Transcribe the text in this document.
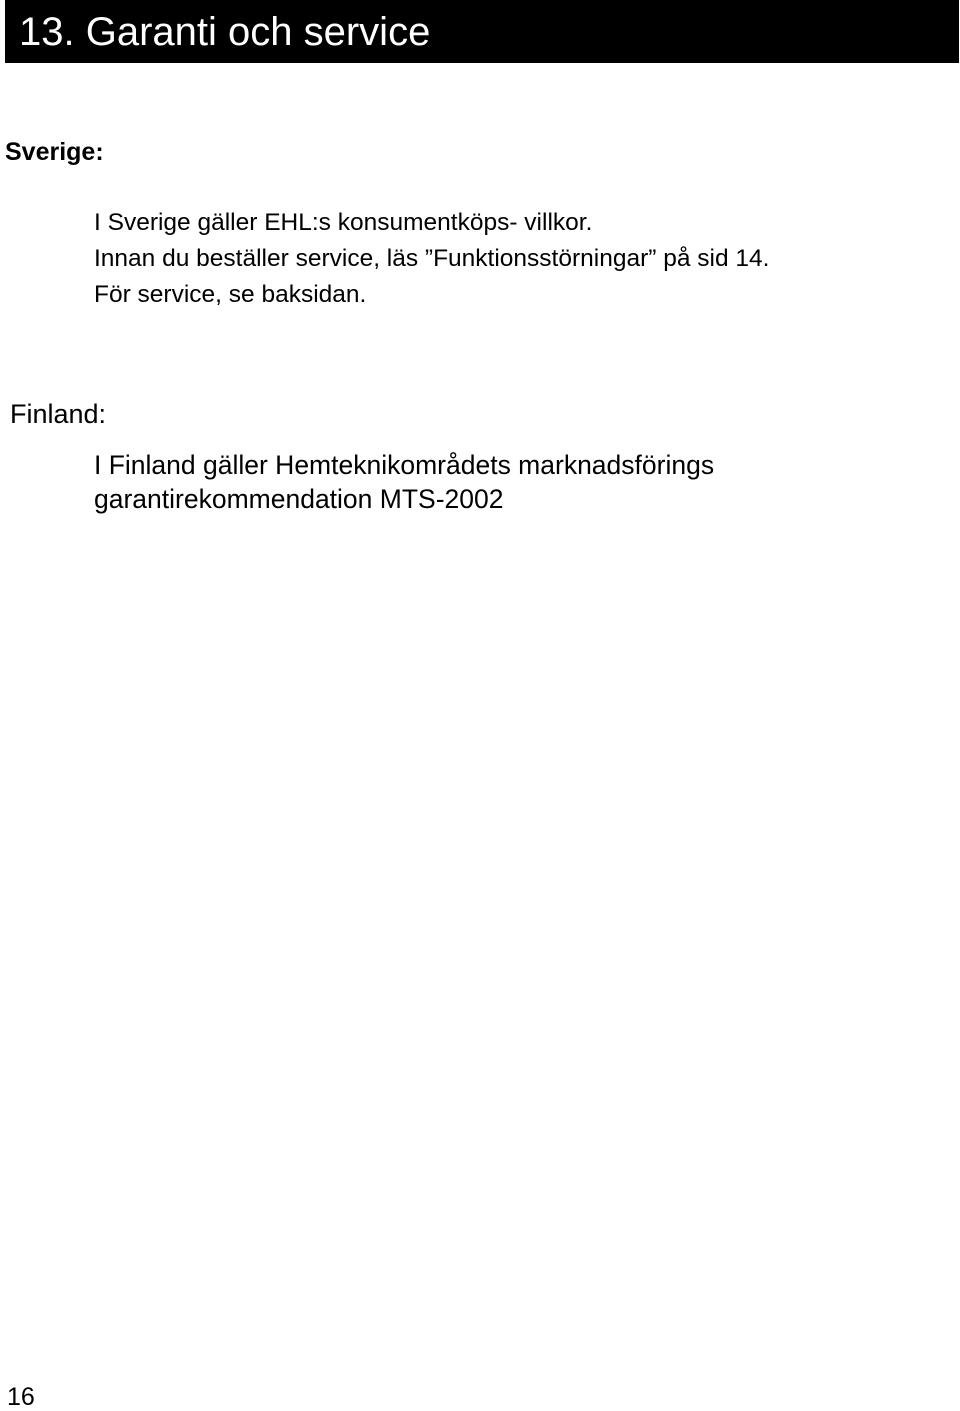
13. Garanti och service
Sverige:

I Sverige gäller EHL:s konsumentköps- villkor.

Innan du beställer service, läs ”Funktionsstörningar” på sid 14.

För service, se baksidan.

Finland:

I Finland gäller Hemteknikområdets marknadsförings

garantirekommendation MTS-2002

16
